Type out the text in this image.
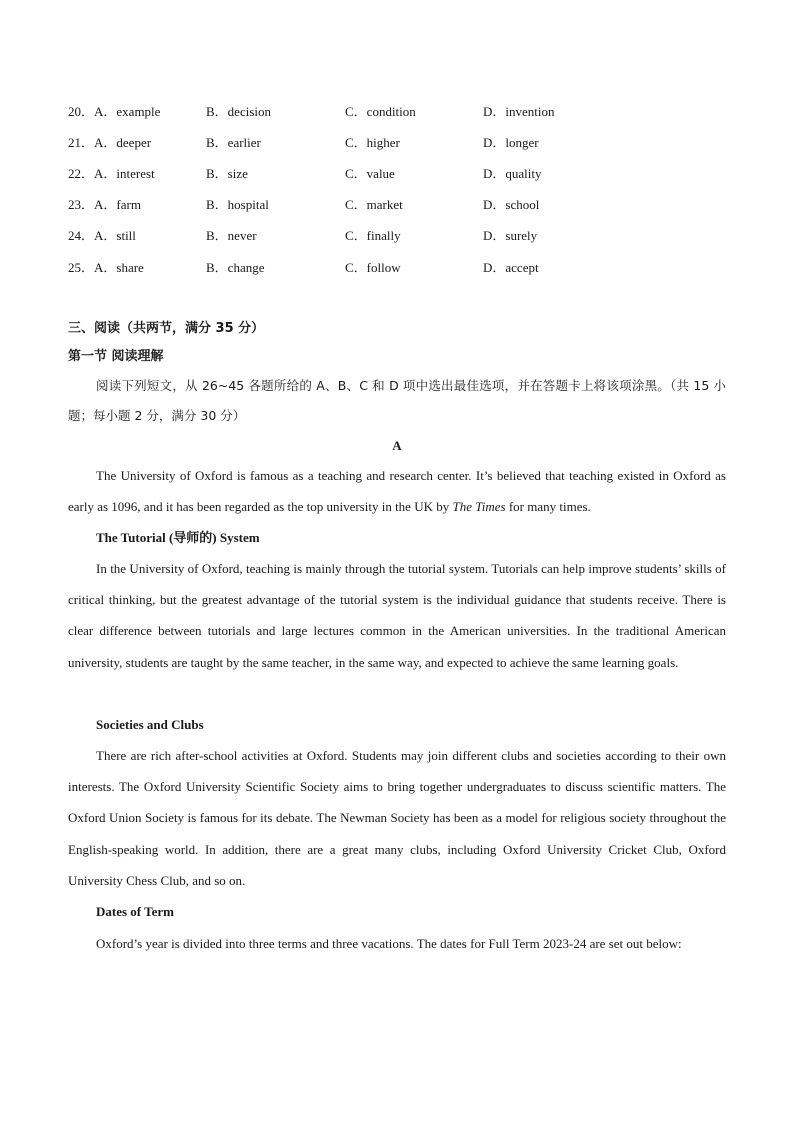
20．A．example	B．decision	C．condition	D．invention
21．A．deeper	B．earlier	C．higher	D．longer
22．A．interest	B．size	C．value	D．quality
23．A．farm	B．hospital	C．market	D．school
24．A．still	B．never	C．finally	D．surely
25．A．share	B．change	C．follow	D．accept
三、阅读（共两节，满分 35 分）
第一节 阅读理解

阅读下列短文，从 26~45 各题所给的 A、B、C 和 D 项中选出最佳选项，并在答题卡上将该项涂黑。（共 15 小题；每小题 2 分，满分 30 分）

A

The University of Oxford is famous as a teaching and research center. It’s believed that teaching existed in Oxford as early as 1096, and it has been regarded as the top university in the UK by The Times for many times.

The Tutorial (导师的) System

In the University of Oxford, teaching is mainly through the tutorial system. Tutorials can help improve students’ skills of critical thinking, but the greatest advantage of the tutorial system is the individual guidance that students receive. There is clear difference between tutorials and large lectures common in the American universities. In the traditional American university, students are taught by the same teacher, in the same way, and expected to achieve the same learning goals.

Societies and Clubs

There are rich after-school activities at Oxford. Students may join different clubs and societies according to their own interests. The Oxford University Scientific Society aims to bring together undergraduates to discuss scientific matters. The Oxford Union Society is famous for its debate. The Newman Society has been as a model for religious society throughout the English-speaking world. In addition, there are a great many clubs, including Oxford University Cricket Club, Oxford University Chess Club, and so on.

Dates of Term

Oxford’s year is divided into three terms and three vacations. The dates for Full Term 2023-24 are set out below:
